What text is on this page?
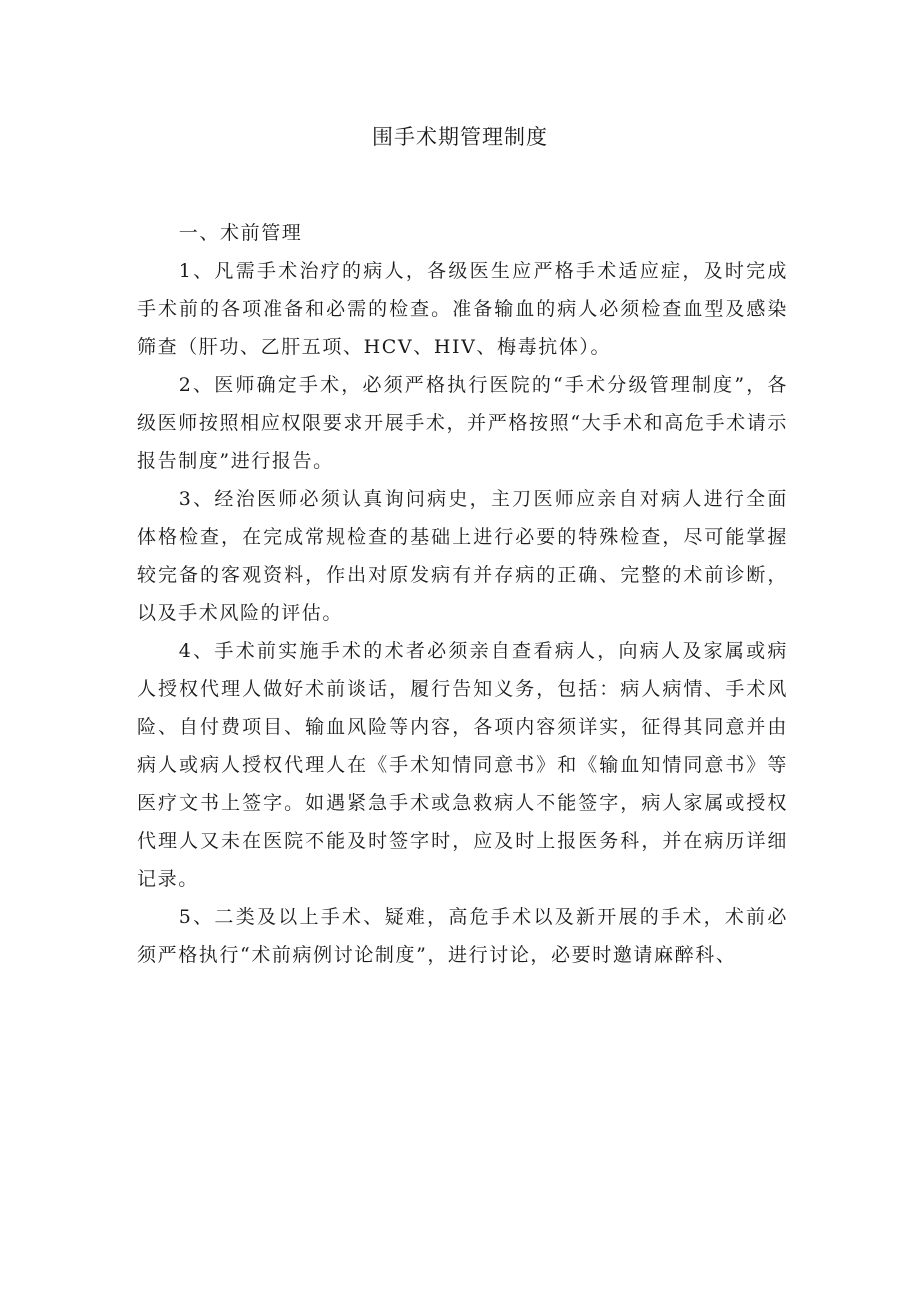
围手术期管理制度

一、术前管理

1、凡需手术治疗的病人，各级医生应严格手术适应症，及时完成手术前的各项准备和必需的检查。准备输血的病人必须检查血型及感染筛查（肝功、乙肝五项、HCV、HIV、梅毒抗体）。

2、医师确定手术，必须严格执行医院的“手术分级管理制度”，各级医师按照相应权限要求开展手术，并严格按照“大手术和高危手术请示报告制度”进行报告。

3、经治医师必须认真询问病史，主刀医师应亲自对病人进行全面体格检查，在完成常规检查的基础上进行必要的特殊检查，尽可能掌握较完备的客观资料，作出对原发病有并存病的正确、完整的术前诊断，以及手术风险的评估。

4、手术前实施手术的术者必须亲自查看病人，向病人及家属或病人授权代理人做好术前谈话，履行告知义务，包括：病人病情、手术风险、自付费项目、输血风险等内容，各项内容须详实，征得其同意并由病人或病人授权代理人在《手术知情同意书》和《输血知情同意书》等医疗文书上签字。如遇紧急手术或急救病人不能签字，病人家属或授权代理人又未在医院不能及时签字时，应及时上报医务科，并在病历详细记录。

5、二类及以上手术、疑难，高危手术以及新开展的手术，术前必须严格执行“术前病例讨论制度”，进行讨论，必要时邀请麻醉科、
